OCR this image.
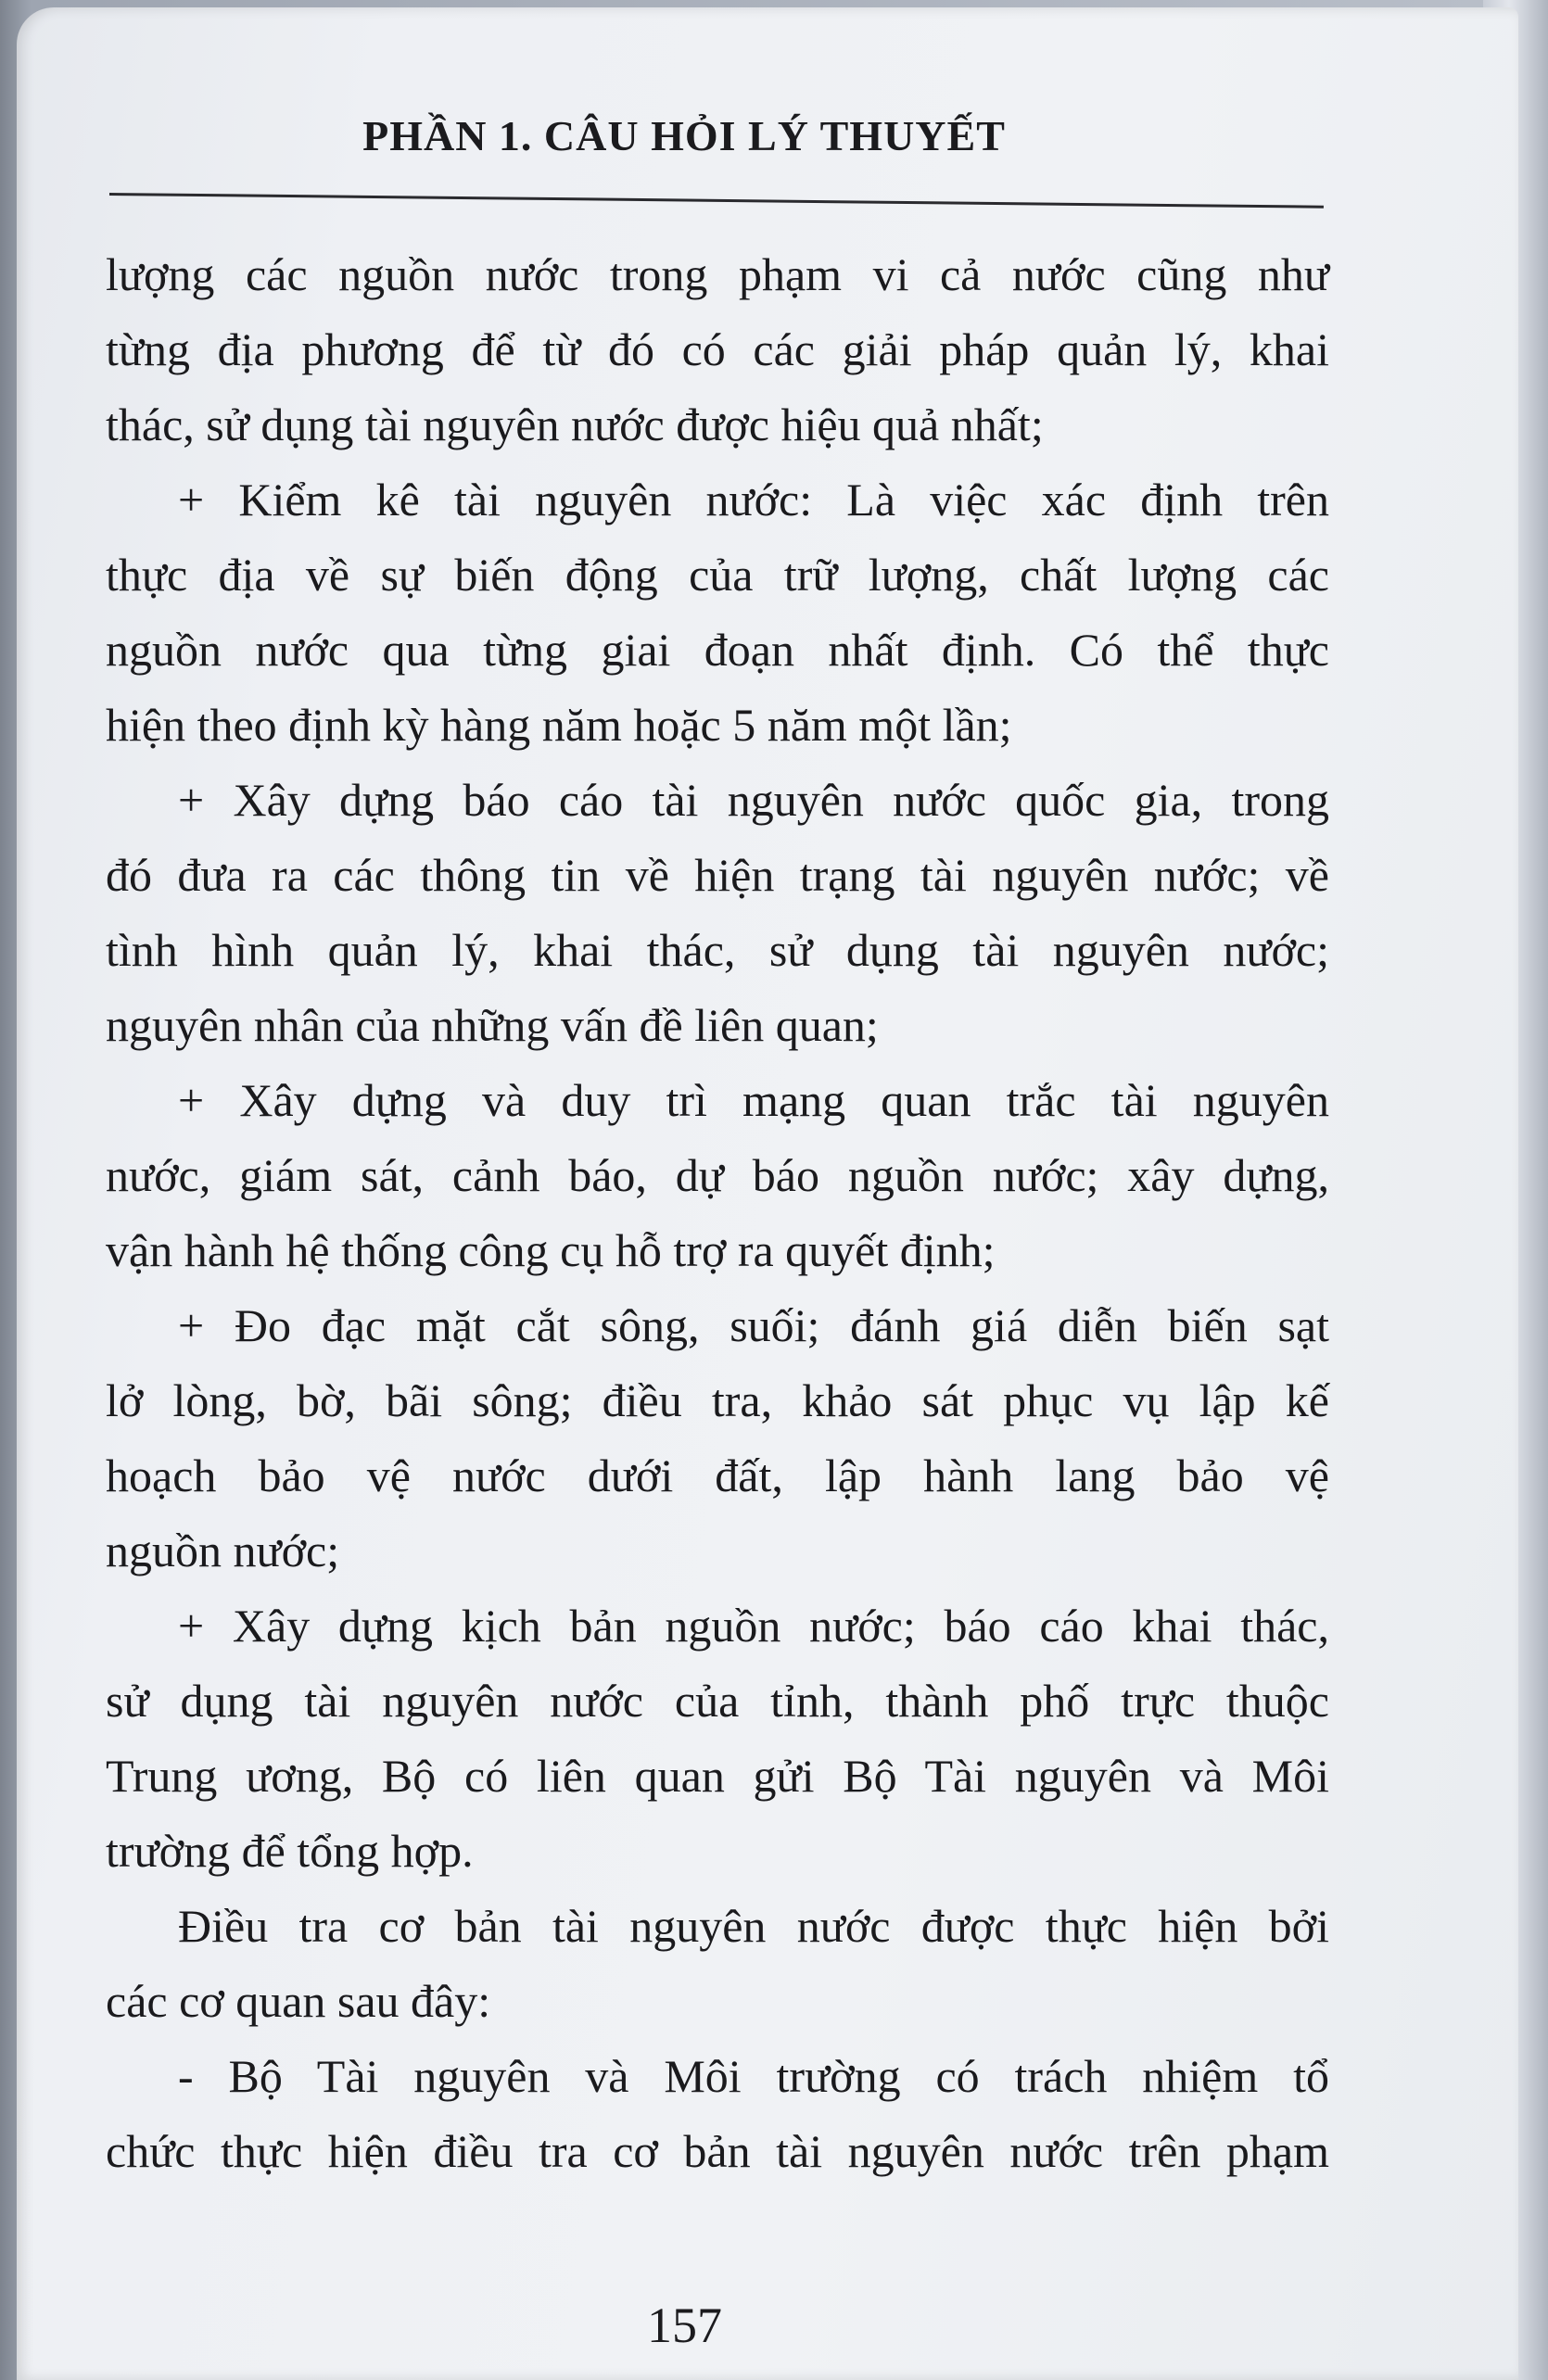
PHẦN 1. CÂU HỎI LÝ THUYẾT
lượng các nguồn nước trong phạm vi cả nước cũng như
từng địa phương để từ đó có các giải pháp quản lý, khai
thác, sử dụng tài nguyên nước được hiệu quả nhất;
+ Kiểm kê tài nguyên nước: Là việc xác định trên
thực địa về sự biến động của trữ lượng, chất lượng các
nguồn nước qua từng giai đoạn nhất định. Có thể thực
hiện theo định kỳ hàng năm hoặc 5 năm một lần;
+ Xây dựng báo cáo tài nguyên nước quốc gia, trong
đó đưa ra các thông tin về hiện trạng tài nguyên nước; về
tình hình quản lý, khai thác, sử dụng tài nguyên nước;
nguyên nhân của những vấn đề liên quan;
+ Xây dựng và duy trì mạng quan trắc tài nguyên
nước, giám sát, cảnh báo, dự báo nguồn nước; xây dựng,
vận hành hệ thống công cụ hỗ trợ ra quyết định;
+ Đo đạc mặt cắt sông, suối; đánh giá diễn biến sạt
lở lòng, bờ, bãi sông; điều tra, khảo sát phục vụ lập kế
hoạch bảo vệ nước dưới đất, lập hành lang bảo vệ
nguồn nước;
+ Xây dựng kịch bản nguồn nước; báo cáo khai thác,
sử dụng tài nguyên nước của tỉnh, thành phố trực thuộc
Trung ương, Bộ có liên quan gửi Bộ Tài nguyên và Môi
trường để tổng hợp.
Điều tra cơ bản tài nguyên nước được thực hiện bởi
các cơ quan sau đây:
- Bộ Tài nguyên và Môi trường có trách nhiệm tổ
chức thực hiện điều tra cơ bản tài nguyên nước trên phạm
157
